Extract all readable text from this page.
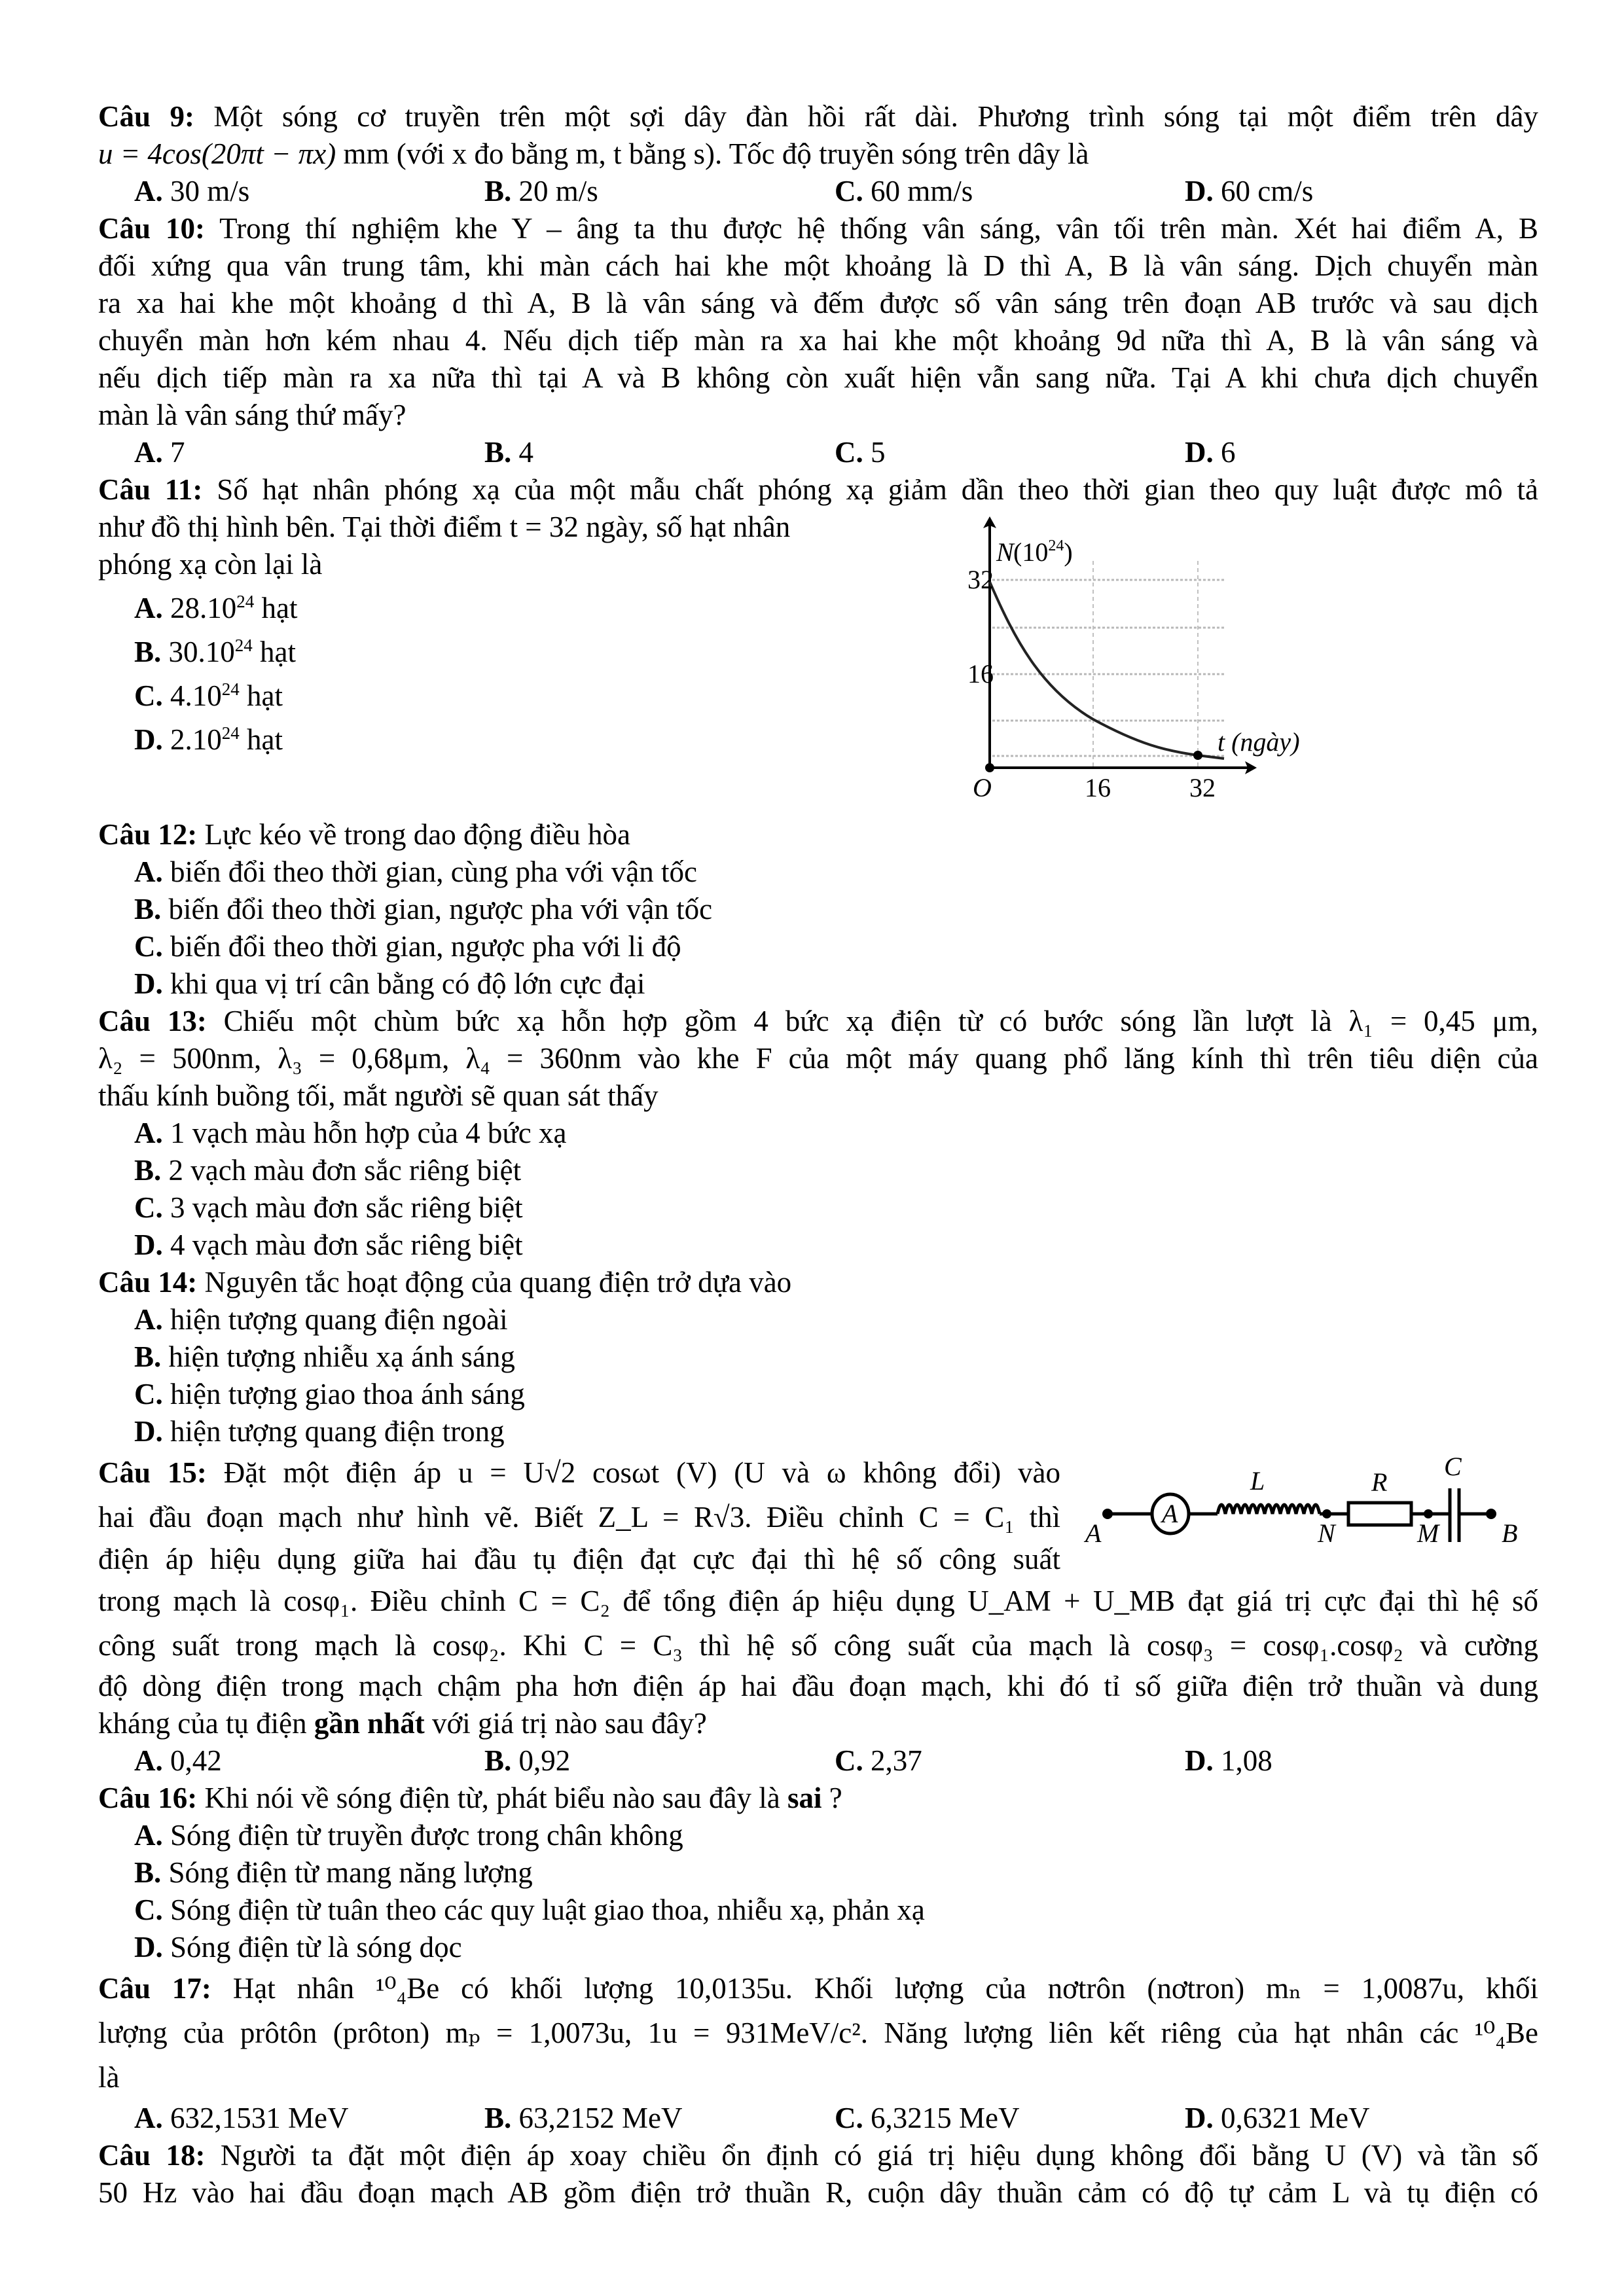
Câu 9: Một sóng cơ truyền trên một sợi dây đàn hồi rất dài. Phương trình sóng tại một điểm trên dây
u = 4cos(20πt − πx) mm (với x đo bằng m, t bằng s). Tốc độ truyền sóng trên dây là
A. 30 m/s	B. 20 m/s	C. 60 mm/s	D. 60 cm/s
Câu 10: Trong thí nghiệm khe Y – âng ta thu được hệ thống vân sáng, vân tối trên màn. Xét hai điểm A, B
đối xứng qua vân trung tâm, khi màn cách hai khe một khoảng là D thì A, B là vân sáng. Dịch chuyển màn
ra xa hai khe một khoảng d thì A, B là vân sáng và đếm được số vân sáng trên đoạn AB trước và sau dịch
chuyển màn hơn kém nhau 4. Nếu dịch tiếp màn ra xa hai khe một khoảng 9d nữa thì A, B là vân sáng và
nếu dịch tiếp màn ra xa nữa thì tại A và B không còn xuất hiện vẫn sang nữa. Tại A khi chưa dịch chuyển
màn là vân sáng thứ mấy?
A. 7	B. 4	C. 5	D. 6
Câu 11: Số hạt nhân phóng xạ của một mẫu chất phóng xạ giảm dần theo thời gian theo quy luật được mô tả
như đồ thị hình bên. Tại thời điểm t = 32 ngày, số hạt nhân
phóng xạ còn lại là
A. 28.10$^{24}$ hạt
B. 30.10$^{24}$ hạt
C. 4.10$^{24}$ hạt
D. 2.10$^{24}$ hạt
N $(10^{24})$
32
16
O	16	32
t (ngày)
Câu 12: Lực kéo về trong dao động điều hòa
A. biến đổi theo thời gian, cùng pha với vận tốc
B. biến đổi theo thời gian, ngược pha với vận tốc
C. biến đổi theo thời gian, ngược pha với li độ
D. khi qua vị trí cân bằng có độ lớn cực đại
Câu 13: Chiếu một chùm bức xạ hỗn hợp gồm 4 bức xạ điện từ có bước sóng lần lượt là λ₁ = 0,45 μm,
λ₂ = 500nm, λ₃ = 0,68μm, λ₄ = 360nm vào khe F của một máy quang phổ lăng kính thì trên tiêu diện của
thấu kính buồng tối, mắt người sẽ quan sát thấy
A. 1 vạch màu hỗn hợp của 4 bức xạ
B. 2 vạch màu đơn sắc riêng biệt
C. 3 vạch màu đơn sắc riêng biệt
D. 4 vạch màu đơn sắc riêng biệt
Câu 14: Nguyên tắc hoạt động của quang điện trở dựa vào
A. hiện tượng quang điện ngoài
B. hiện tượng nhiễu xạ ánh sáng
C. hiện tượng giao thoa ánh sáng
D. hiện tượng quang điện trong
Câu 15: Đặt một điện áp u = U√2 cosωt (V) (U và ω không đổi) vào
hai đầu đoạn mạch như hình vẽ. Biết Z_L = R√3. Điều chỉnh C = C₁ thì
điện áp hiệu dụng giữa hai đầu tụ điện đạt cực đại thì hệ số công suất
A
A
L
N
R
M
C
B
trong mạch là cosφ₁. Điều chỉnh C = C₂ để tổng điện áp hiệu dụng U_AM + U_MB đạt giá trị cực đại thì hệ số
công suất trong mạch là cosφ₂. Khi C = C₃ thì hệ số công suất của mạch là cosφ₃ = cosφ₁.cosφ₂ và cường
độ dòng điện trong mạch chậm pha hơn điện áp hai đầu đoạn mạch, khi đó tỉ số giữa điện trở thuần và dung
kháng của tụ điện gần nhất với giá trị nào sau đây?
A. 0,42	B. 0,92	C. 2,37	D. 1,08
Câu 16: Khi nói về sóng điện từ, phát biểu nào sau đây là sai ?
A. Sóng điện từ truyền được trong chân không
B. Sóng điện từ mang năng lượng
C. Sóng điện từ tuân theo các quy luật giao thoa, nhiễu xạ, phản xạ
D. Sóng điện từ là sóng dọc
Câu 17: Hạt nhân ¹⁰₄Be có khối lượng 10,0135u. Khối lượng của nơtrôn (nơtron) mₙ = 1,0087u, khối
lượng của prôtôn (prôton) mₚ = 1,0073u, 1u = 931MeV/c². Năng lượng liên kết riêng của hạt nhân các ¹⁰₄Be
là
A. 632,1531 MeV	B. 63,2152 MeV	C. 6,3215 MeV	D. 0,6321 MeV
Câu 18: Người ta đặt một điện áp xoay chiều ổn định có giá trị hiệu dụng không đổi bằng U (V) và tần số
50 Hz vào hai đầu đoạn mạch AB gồm điện trở thuần R, cuộn dây thuần cảm có độ tự cảm L và tụ điện có
